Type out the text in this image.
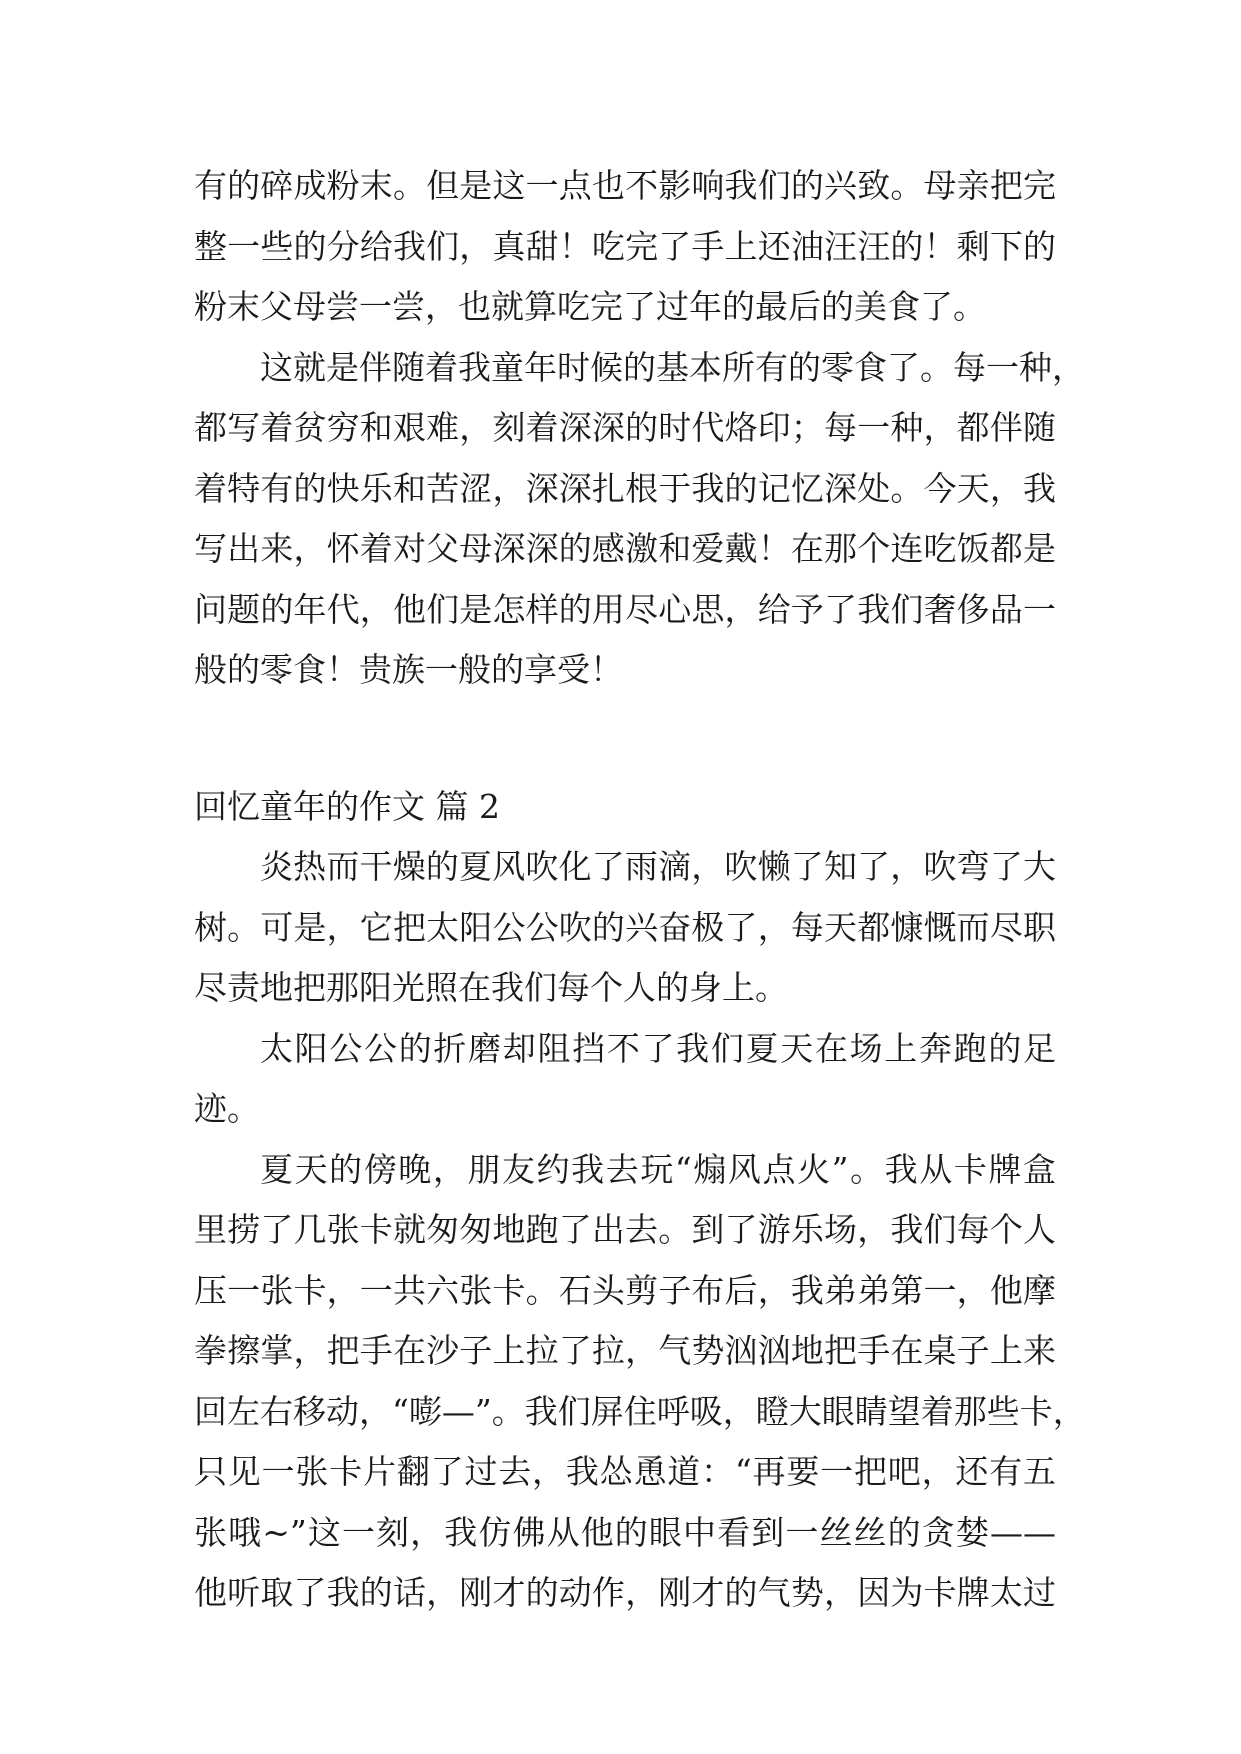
有的碎成粉末。但是这一点也不影响我们的兴致。母亲把完
整一些的分给我们，真甜！吃完了手上还油汪汪的！剩下的
粉末父母尝一尝，也就算吃完了过年的最后的美食了。
这就是伴随着我童年时候的基本所有的零食了。每一种，
都写着贫穷和艰难，刻着深深的时代烙印；每一种，都伴随
着特有的快乐和苦涩，深深扎根于我的记忆深处。今天，我
写出来，怀着对父母深深的感激和爱戴！在那个连吃饭都是
问题的年代，他们是怎样的用尽心思，给予了我们奢侈品一
般的零食！贵族一般的享受！
回忆童年的作文 篇 2
炎热而干燥的夏风吹化了雨滴，吹懒了知了，吹弯了大
树。可是，它把太阳公公吹的兴奋极了，每天都慷慨而尽职
尽责地把那阳光照在我们每个人的身上。
太阳公公的折磨却阻挡不了我们夏天在场上奔跑的足
迹。
夏天的傍晚，朋友约我去玩“煽风点火”。我从卡牌盒
里捞了几张卡就匆匆地跑了出去。到了游乐场，我们每个人
压一张卡，一共六张卡。石头剪子布后，我弟弟第一，他摩
拳擦掌，把手在沙子上拉了拉，气势汹汹地把手在桌子上来
回左右移动，“嘭—”。我们屏住呼吸，瞪大眼睛望着那些卡，
只见一张卡片翻了过去，我怂恿道：“再要一把吧，还有五
张哦~”这一刻，我仿佛从他的眼中看到一丝丝的贪婪——
他听取了我的话，刚才的动作，刚才的气势，因为卡牌太过
